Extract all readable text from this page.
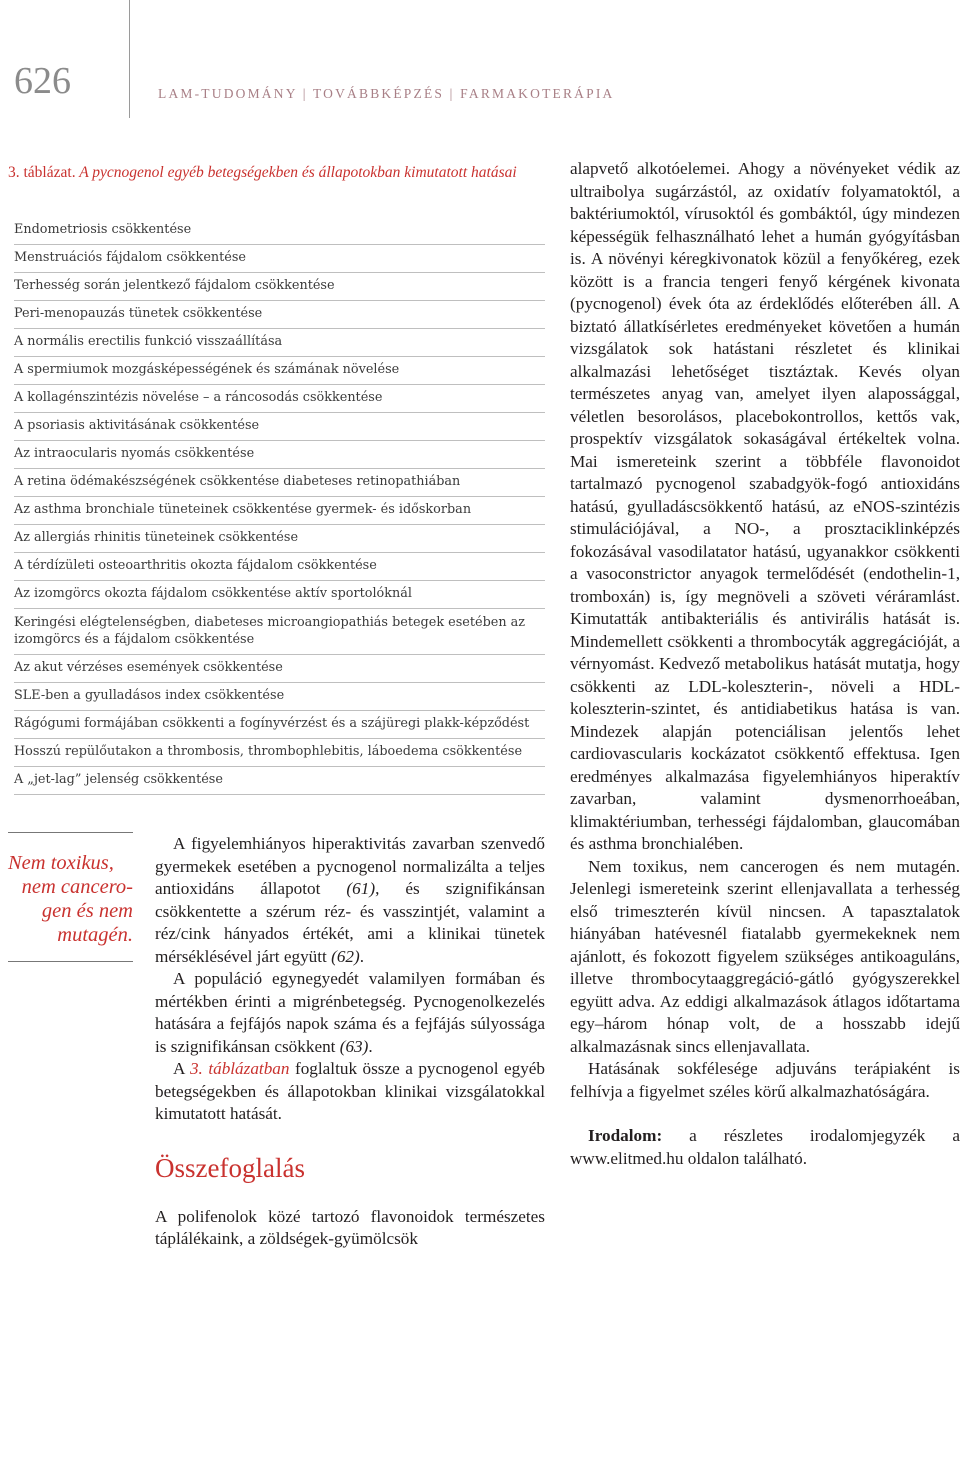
626	LAM-TUDOMÁNY | TOVÁBBKÉPZÉS | FARMAKOTERÁPIA
3. táblázat. A pycnogenol egyéb betegségekben és állapotokban kimutatott hatásai
Endometriosis csökkentése
Menstruációs fájdalom csökkentése
Terhesség során jelentkező fájdalom csökkentése
Peri-menopauzás tünetek csökkentése
A normális erectilis funkció visszaállítása
A spermiumok mozgásképességének és számának növelése
A kollagénszintézis növelése – a ráncosodás csökkentése
A psoriasis aktivitásának csökkentése
Az intraocularis nyomás csökkentése
A retina ödémakészségének csökkentése diabeteses retinopathiában
Az asthma bronchiale tüneteinek csökkentése gyermek- és időskorban
Az allergiás rhinitis tüneteinek csökkentése
A térdízületi osteoarthritis okozta fájdalom csökkentése
Az izomgörcs okozta fájdalom csökkentése aktív sportolóknál
Keringési elégtelenségben, diabeteses microangiopathiás betegek esetében az izomgörcs és a fájdalom csökkentése
Az akut vérzéses események csökkentése
SLE-ben a gyulladásos index csökkentése
Rágógumi formájában csökkenti a fogínyvérzést és a szájüregi plakk-képződést
Hosszú repülőutakon a thrombosis, thrombophlebitis, láboedema csökkentése
A „jet-lag” jelenség csökkentése
Nem toxikus,
nem cancero-
gen és nem
mutagén.

A figyelemhiányos hiperaktivitás zavarban szenvedő gyermekek esetében a pycnogenol normalizálta a teljes antioxidáns állapotot (61), és szignifikánsan csökkentette a szérum réz- és vasszintjét, valamint a réz/cink hányados értékét, ami a klinikai tünetek mérséklésével járt együtt (62).

A populáció egynegyedét valamilyen formában és mértékben érinti a migrénbetegség. Pycnogenolkezelés hatására a fejfájós napok száma és a fejfájás súlyossága is szignifikánsan csökkent (63).

A 3. táblázatban foglaltuk össze a pycnogenol egyéb betegségekben és állapotokban klinikai vizsgálatokkal kimutatott hatását.

Összefoglalás

A polifenolok közé tartozó flavonoidok természetes táplálékaink, a zöldségek-gyümölcsök

alapvető alkotóelemei. Ahogy a növényeket védik az ultraibolya sugárzástól, az oxidatív folyamatoktól, a baktériumoktól, vírusoktól és gombáktól, úgy mindezen képességük felhasználható lehet a humán gyógyításban is. A növényi kéregkivonatok közül a fenyőkéreg, ezek között is a francia tengeri fenyő kérgének kivonata (pycnogenol) évek óta az érdeklődés előterében áll. A biztató állatkísérletes eredményeket követően a humán vizsgálatok sok hatástani részletet és klinikai alkalmazási lehetőséget tisztáztak. Kevés olyan természetes anyag van, amelyet ilyen alapossággal, véletlen besorolásos, placebokontrollos, kettős vak, prospektív vizsgálatok sokaságával értékeltek volna. Mai ismereteink szerint a többféle flavonoidot tartalmazó pycnogenol szabadgyök-fogó antioxidáns hatású, gyulladáscsökkentő hatású, az eNOS-szintézis stimulációjával, a NO-, a prosztaciklinképzés fokozásával vasodilatator hatású, ugyanakkor csökkenti a vasoconstrictor anyagok termelődését (endothelin-1, tromboxán) is, így megnöveli a szöveti véráramlást. Kimutatták antibakteriális és antivirális hatását is. Mindemellett csökkenti a thrombocyták aggregációját, a vérnyomást. Kedvező metabolikus hatását mutatja, hogy csökkenti az LDL-koleszterin-, növeli a HDL-koleszterin-szintet, és antidiabetikus hatása is van. Mindezek alapján potenciálisan jelentős lehet cardiovascularis kockázatot csökkentő effektusa. Igen eredményes alkalmazása figyelemhiányos hiperaktív zavarban, valamint dysmenorrhoeában, klimaktériumban, terhességi fájdalomban, glaucomában és asthma bronchialében.

Nem toxikus, nem cancerogen és nem mutagén. Jelenlegi ismereteink szerint ellenjavallata a terhesség első trimeszterén kívül nincsen. A tapasztalatok hiányában hatévesnél fiatalabb gyermekeknek nem ajánlott, és fokozott figyelem szükséges antikoaguláns, illetve thrombocytaaggregáció-gátló gyógyszerekkel együtt adva. Az eddigi alkalmazások átlagos időtartama egy–három hónap volt, de a hosszabb idejű alkalmazásnak sincs ellenjavallata.

Hatásának sokfélesége adjuváns terápiaként is felhívja a figyelmet széles körű alkalmazhatóságára.

Irodalom: a részletes irodalomjegyzék a www.elitmed.hu oldalon található.
